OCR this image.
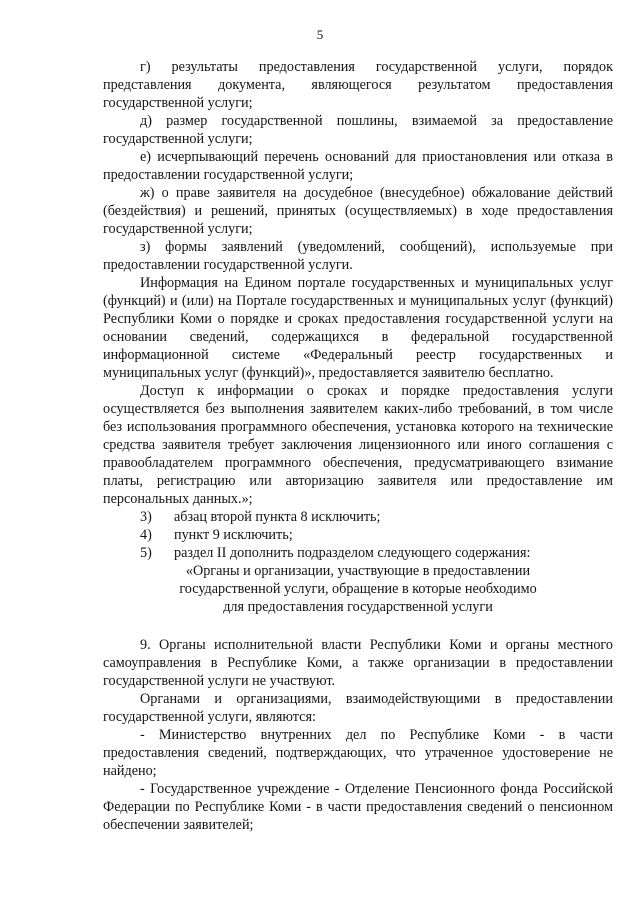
5

г) результаты предоставления государственной услуги, порядок представления документа, являющегося результатом предоставления государственной услуги;

д) размер государственной пошлины, взимаемой за предоставление государственной услуги;

е) исчерпывающий перечень оснований для приостановления или отказа в предоставлении государственной услуги;

ж) о праве заявителя на досудебное (внесудебное) обжалование действий (бездействия) и решений, принятых (осуществляемых) в ходе предоставления государственной услуги;

з) формы заявлений (уведомлений, сообщений), используемые при предоставлении государственной услуги.

Информация на Едином портале государственных и муниципальных услуг (функций) и (или) на Портале государственных и муниципальных услуг (функций) Республики Коми о порядке и сроках предоставления государственной услуги на основании сведений, содержащихся в федеральной государственной информационной системе «Федеральный реестр государственных и муниципальных услуг (функций)», предоставляется заявителю бесплатно.

Доступ к информации о сроках и порядке предоставления услуги осуществляется без выполнения заявителем каких-либо требований, в том числе без использования программного обеспечения, установка которого на технические средства заявителя требует заключения лицензионного или иного соглашения с правообладателем программного обеспечения, предусматривающего взимание платы, регистрацию или авторизацию заявителя или предоставление им персональных данных.»;

3)	абзац второй пункта 8 исключить;

4)	пункт 9 исключить;

5)	раздел II дополнить подразделом следующего содержания:

«Органы и организации, участвующие в предоставлении

государственной услуги, обращение в которые необходимо

для предоставления государственной услуги

9. Органы исполнительной власти Республики Коми и органы местного самоуправления в Республике Коми, а также организации в предоставлении государственной услуги не участвуют.

Органами и организациями, взаимодействующими в предоставлении государственной услуги, являются:

- Министерство внутренних дел по Республике Коми - в части предоставления сведений, подтверждающих, что утраченное удостоверение не найдено;

- Государственное учреждение - Отделение Пенсионного фонда Российской Федерации по Республике Коми - в части предоставления сведений о пенсионном обеспечении заявителей;
